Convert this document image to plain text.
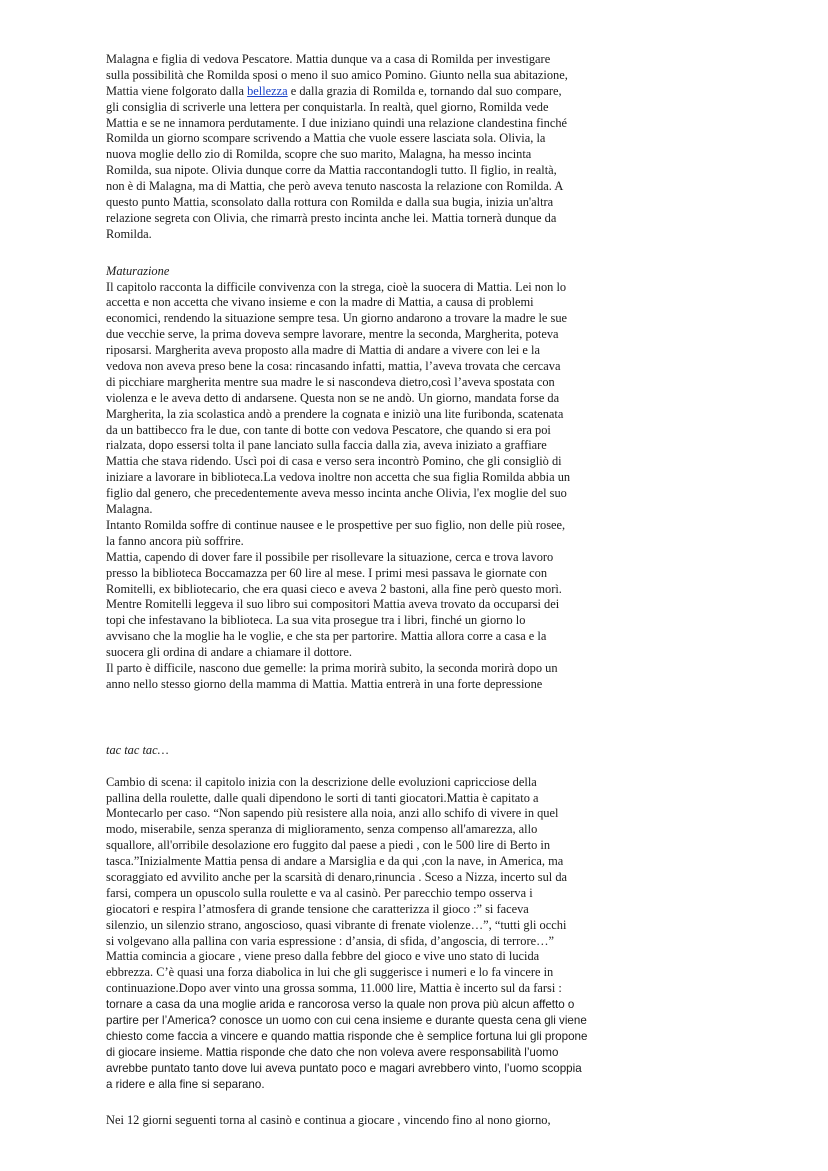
Malagna e figlia di vedova Pescatore. Mattia dunque va a casa di Romilda per investigare
sulla possibilità che Romilda sposi o meno il suo amico Pomino. Giunto nella sua abitazione,
Mattia viene folgorato dalla bellezza e dalla grazia di Romilda e, tornando dal suo compare,
gli consiglia di scriverle una lettera per conquistarla. In realtà, quel giorno, Romilda vede
Mattia e se ne innamora perdutamente. I due iniziano quindi una relazione clandestina finché
Romilda un giorno scompare scrivendo a Mattia che vuole essere lasciata sola. Olivia, la
nuova moglie dello zio di Romilda, scopre che suo marito, Malagna, ha messo incinta
Romilda, sua nipote. Olivia dunque corre da Mattia raccontandogli tutto. Il figlio, in realtà,
non è di Malagna, ma di Mattia, che però aveva tenuto nascosta la relazione con Romilda. A
questo punto Mattia, sconsolato dalla rottura con Romilda e dalla sua bugia, inizia un'altra
relazione segreta con Olivia, che rimarrà presto incinta anche lei. Mattia tornerà dunque da
Romilda.
Maturazione
Il capitolo racconta la difficile convivenza con la strega, cioè la suocera di Mattia. Lei non lo
accetta e non accetta che vivano insieme e con la madre di Mattia, a causa di problemi
economici, rendendo la situazione sempre tesa. Un giorno andarono a trovare la madre le sue
due vecchie serve, la prima doveva sempre lavorare, mentre la seconda, Margherita, poteva
riposarsi. Margherita aveva proposto alla madre di Mattia di andare a vivere con lei e la
vedova non aveva preso bene la cosa: rincasando infatti, mattia, l’aveva trovata che cercava
di picchiare margherita mentre sua madre le si nascondeva dietro,così l’aveva spostata con
violenza e le aveva detto di andarsene. Questa non se ne andò. Un giorno, mandata forse da
Margherita, la zia scolastica andò a prendere la cognata e iniziò una lite furibonda, scatenata
da un battibecco fra le due, con tante di botte con vedova Pescatore, che quando si era poi
rialzata, dopo essersi tolta il pane lanciato sulla faccia dalla zia, aveva iniziato a graffiare
Mattia che stava ridendo. Uscì poi di casa e verso sera incontrò Pomino, che gli consigliò di
iniziare a lavorare in biblioteca.La vedova inoltre non accetta che sua figlia Romilda abbia un
figlio dal genero, che precedentemente aveva messo incinta anche Olivia, l'ex moglie del suo
Malagna.
Intanto Romilda soffre di continue nausee e le prospettive per suo figlio, non delle più rosee,
la fanno ancora più soffrire.
Mattia, capendo di dover fare il possibile per risollevare la situazione, cerca e trova lavoro
presso la biblioteca Boccamazza per 60 lire al mese. I primi mesi passava le giornate con
Romitelli, ex bibliotecario, che era quasi cieco e aveva 2 bastoni, alla fine però questo morì.
Mentre Romitelli leggeva il suo libro sui compositori Mattia aveva trovato da occuparsi dei
topi che infestavano la biblioteca. La sua vita prosegue tra i libri, finché un giorno lo
avvisano che la moglie ha le voglie, e che sta per partorire. Mattia allora corre a casa e la
suocera gli ordina di andare a chiamare il dottore.
Il parto è difficile, nascono due gemelle: la prima morirà subito, la seconda morirà dopo un
anno nello stesso giorno della mamma di Mattia. Mattia entrerà in una forte depressione
tac tac tac…
Cambio di scena: il capitolo inizia con la descrizione delle evoluzioni capricciose della
pallina della roulette, dalle quali dipendono le sorti di tanti giocatori.Mattia è capitato a
Montecarlo per caso. “Non sapendo più resistere alla noia, anzi allo schifo di vivere in quel
modo, miserabile, senza speranza di miglioramento, senza compenso all'amarezza, allo
squallore, all'orribile desolazione ero fuggito dal paese a piedi , con le 500 lire di Berto in
tasca.”Inizialmente Mattia pensa di andare a Marsiglia e da qui ,con la nave, in America, ma
scoraggiato ed avvilito anche per la scarsità di denaro,rinuncia . Sceso a Nizza, incerto sul da
farsi, compera un opuscolo sulla roulette e va al casinò. Per parecchio tempo osserva i
giocatori e respira l’atmosfera di grande tensione che caratterizza il gioco :” si faceva
silenzio, un silenzio strano, angoscioso, quasi vibrante di frenate violenze…”, “tutti gli occhi
si volgevano alla pallina con varia espressione : d’ansia, di sfida, d’angoscia, di terrore…”
Mattia comincia a giocare , viene preso dalla febbre del gioco e vive uno stato di lucida
ebbrezza. C’è quasi una forza diabolica in lui che gli suggerisce i numeri e lo fa vincere in
continuazione.Dopo aver vinto una grossa somma, 11.000 lire, Mattia è incerto sul da farsi :
tornare a casa da una moglie arida e rancorosa verso la quale non prova più alcun affetto o
partire per l’America? conosce un uomo con cui cena insieme e durante questa cena gli viene
chiesto come faccia a vincere e quando mattia risponde che è semplice fortuna lui gli propone
di giocare insieme. Mattia risponde che dato che non voleva avere responsabilità l’uomo
avrebbe puntato tanto dove lui aveva puntato poco e magari avrebbero vinto, l’uomo scoppia
a ridere e alla fine si separano.
Nei 12 giorni seguenti torna al casinò e continua a giocare , vincendo fino al nono giorno,
